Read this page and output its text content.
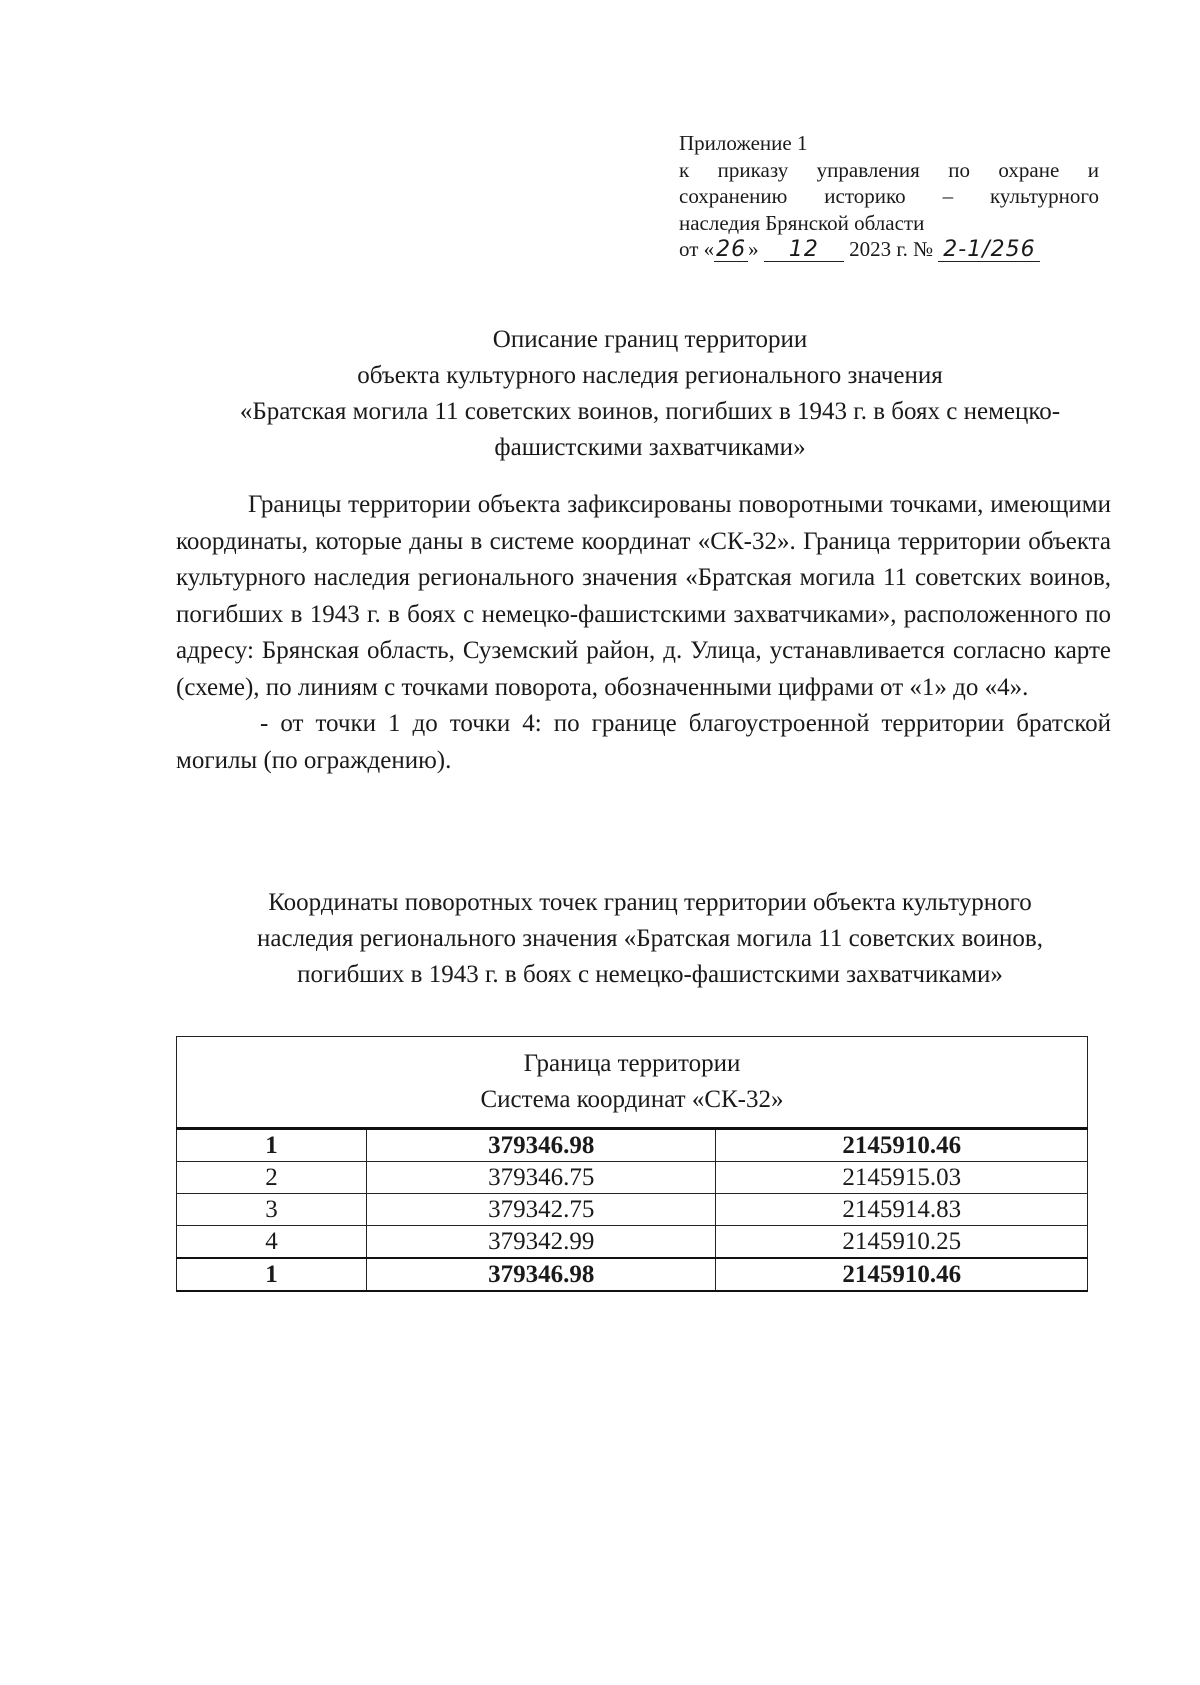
Приложение 1
к приказу управления по охране и
сохранению историко – культурного
наследия Брянской области
от «26» 12 2023 г. № 2-1/256
Описание границ территории
объекта культурного наследия регионального значения
«Братская могила 11 советских воинов, погибших в 1943 г. в боях с немецко-
фашистскими захватчиками»

Границы территории объекта зафиксированы поворотными точками, имеющими координаты, которые даны в системе координат «СК-32». Граница территории объекта культурного наследия регионального значения «Братская могила 11 советских воинов, погибших в 1943 г. в боях с немецко-фашистскими захватчиками», расположенного по адресу: Брянская область, Суземский район, д. Улица, устанавливается согласно карте (схеме), по линиям с точками поворота, обозначенными цифрами от «1» до «4».

- от точки 1 до точки 4: по границе благоустроенной территории братской могилы (по ограждению).

Координаты поворотных точек границ территории объекта культурного
наследия регионального значения «Братская могила 11 советских воинов,
погибших в 1943 г. в боях с немецко-фашистскими захватчиками»
Граница территории
Система координат «СК-32»		

1	379346.98	2145910.46
2	379346.75	2145915.03
3	379342.75	2145914.83
4	379342.99	2145910.25
1	379346.98	2145910.46
